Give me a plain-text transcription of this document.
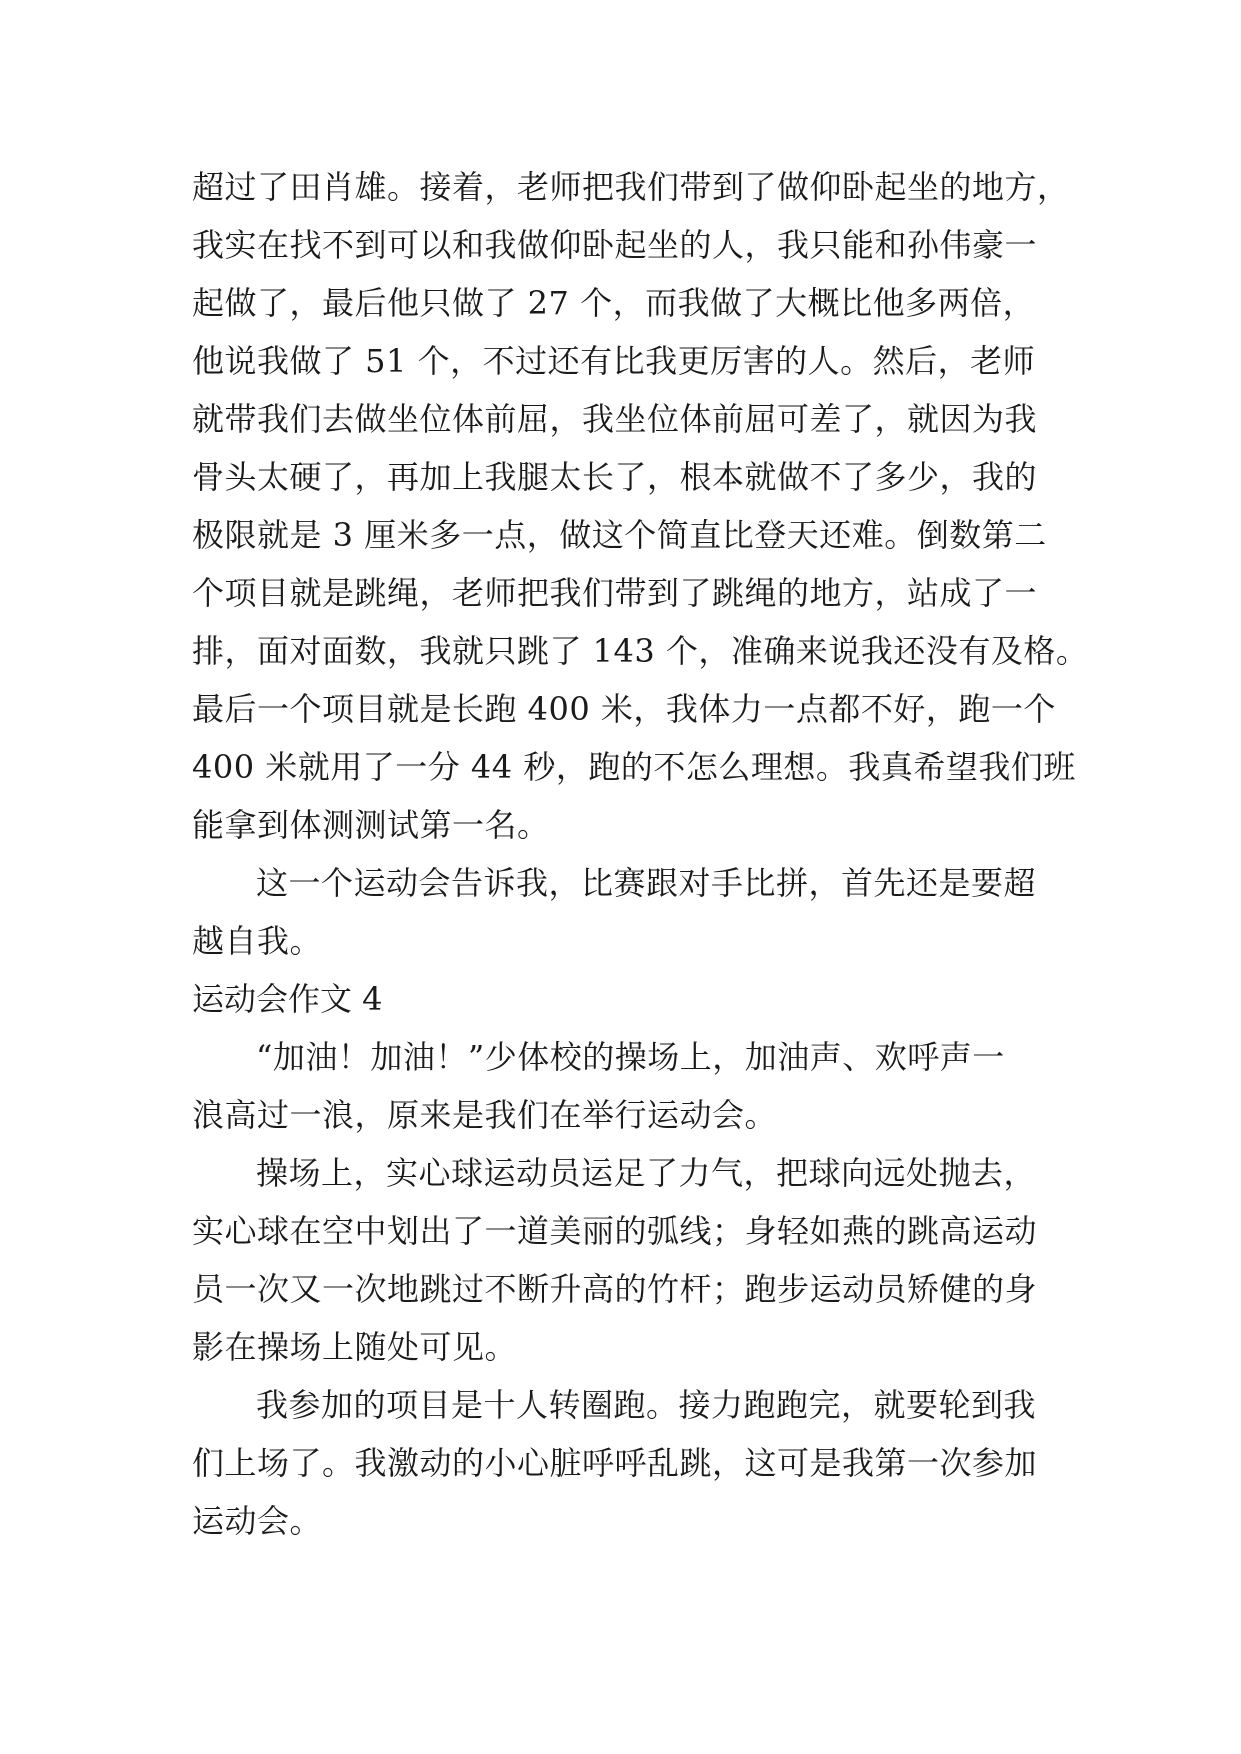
超过了田肖雄。接着，老师把我们带到了做仰卧起坐的地方，
我实在找不到可以和我做仰卧起坐的人，我只能和孙伟豪一
起做了，最后他只做了 27 个，而我做了大概比他多两倍，
他说我做了 51 个，不过还有比我更厉害的人。然后，老师
就带我们去做坐位体前屈，我坐位体前屈可差了，就因为我
骨头太硬了，再加上我腿太长了，根本就做不了多少，我的
极限就是 3 厘米多一点，做这个简直比登天还难。倒数第二
个项目就是跳绳，老师把我们带到了跳绳的地方，站成了一
排，面对面数，我就只跳了 143 个，准确来说我还没有及格。
最后一个项目就是长跑 400 米，我体力一点都不好，跑一个
400 米就用了一分 44 秒，跑的不怎么理想。我真希望我们班
能拿到体测测试第一名。
这一个运动会告诉我，比赛跟对手比拼，首先还是要超
越自我。
运动会作文 4
“加油！加油！”少体校的操场上，加油声、欢呼声一
浪高过一浪，原来是我们在举行运动会。
操场上，实心球运动员运足了力气，把球向远处抛去，
实心球在空中划出了一道美丽的弧线；身轻如燕的跳高运动
员一次又一次地跳过不断升高的竹杆；跑步运动员矫健的身
影在操场上随处可见。
我参加的项目是十人转圈跑。接力跑跑完，就要轮到我
们上场了。我激动的小心脏呼呼乱跳，这可是我第一次参加
运动会。
